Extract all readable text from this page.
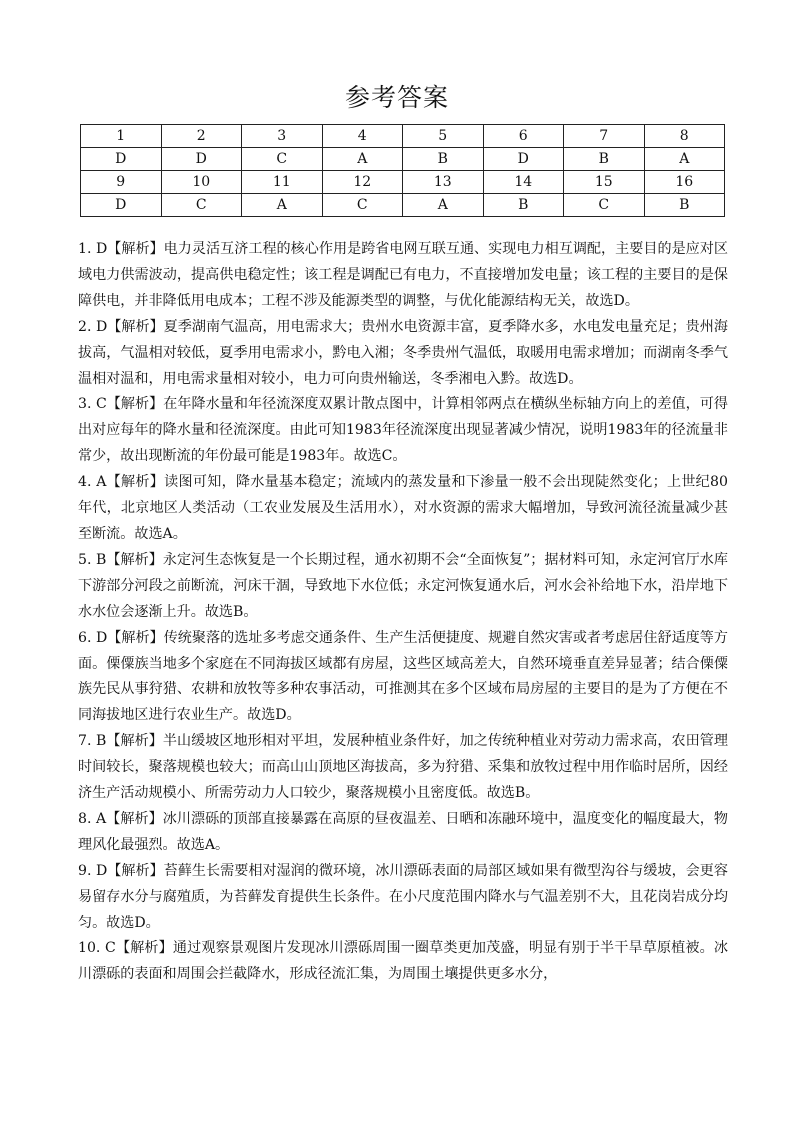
参考答案
1	2	3	4	5	6	7	8
D	D	C	A	B	D	B	A
9	10	11	12	13	14	15	16
D	C	A	C	A	B	C	B

1. D【解析】电力灵活互济工程的核心作用是跨省电网互联互通、实现电力相互调配，主要目的是应对区域电力供需波动，提高供电稳定性；该工程是调配已有电力，不直接增加发电量；该工程的主要目的是保障供电，并非降低用电成本；工程不涉及能源类型的调整，与优化能源结构无关，故选D。

2. D【解析】夏季湖南气温高，用电需求大；贵州水电资源丰富，夏季降水多，水电发电量充足；贵州海拔高，气温相对较低，夏季用电需求小，黔电入湘；冬季贵州气温低，取暖用电需求增加；而湖南冬季气温相对温和，用电需求量相对较小，电力可向贵州输送，冬季湘电入黔。故选D。

3. C【解析】在年降水量和年径流深度双累计散点图中，计算相邻两点在横纵坐标轴方向上的差值，可得出对应每年的降水量和径流深度。由此可知1983年径流深度出现显著减少情况，说明1983年的径流量非常少，故出现断流的年份最可能是1983年。故选C。

4. A【解析】读图可知，降水量基本稳定；流域内的蒸发量和下渗量一般不会出现陡然变化；上世纪80年代，北京地区人类活动（工农业发展及生活用水），对水资源的需求大幅增加，导致河流径流量减少甚至断流。故选A。

5. B【解析】永定河生态恢复是一个长期过程，通水初期不会“全面恢复”；据材料可知，永定河官厅水库下游部分河段之前断流，河床干涸，导致地下水位低；永定河恢复通水后，河水会补给地下水，沿岸地下水水位会逐渐上升。故选B。

6. D【解析】传统聚落的选址多考虑交通条件、生产生活便捷度、规避自然灾害或者考虑居住舒适度等方面。傈僳族当地多个家庭在不同海拔区域都有房屋，这些区域高差大，自然环境垂直差异显著；结合傈僳族先民从事狩猎、农耕和放牧等多种农事活动，可推测其在多个区域布局房屋的主要目的是为了方便在不同海拔地区进行农业生产。故选D。

7. B【解析】半山缓坡区地形相对平坦，发展种植业条件好，加之传统种植业对劳动力需求高，农田管理时间较长，聚落规模也较大；而高山山顶地区海拔高，多为狩猎、采集和放牧过程中用作临时居所，因经济生产活动规模小、所需劳动力人口较少，聚落规模小且密度低。故选B。

8. A【解析】冰川漂砾的顶部直接暴露在高原的昼夜温差、日晒和冻融环境中，温度变化的幅度最大，物理风化最强烈。故选A。

9. D【解析】苔藓生长需要相对湿润的微环境，冰川漂砾表面的局部区域如果有微型沟谷与缓坡，会更容易留存水分与腐殖质，为苔藓发育提供生长条件。在小尺度范围内降水与气温差别不大，且花岗岩成分均匀。故选D。

10. C【解析】通过观察景观图片发现冰川漂砾周围一圈草类更加茂盛，明显有别于半干旱草原植被。冰川漂砾的表面和周围会拦截降水，形成径流汇集，为周围土壤提供更多水分，
